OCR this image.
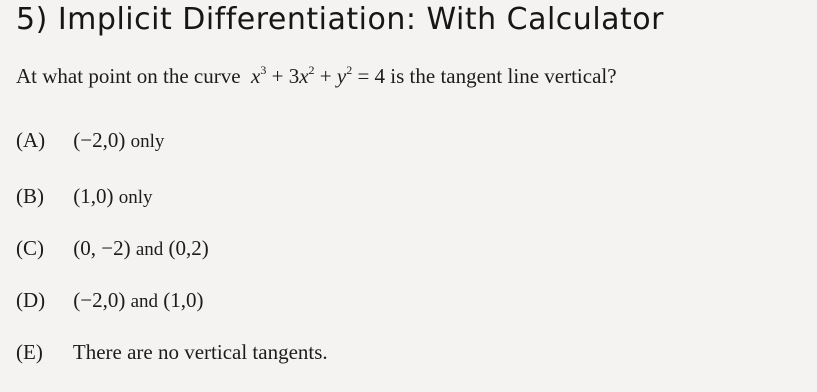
5) Implicit Differentiation: With Calculator
At what point on the curve  $x^3 + 3x^2 + y^2 = 4$ is the tangent line vertical?
(A) (−2,0) only
(B) (1,0) only
(C) (0, −2) and (0,2)
(D) (−2,0) and (1,0)
(E) There are no vertical tangents.
